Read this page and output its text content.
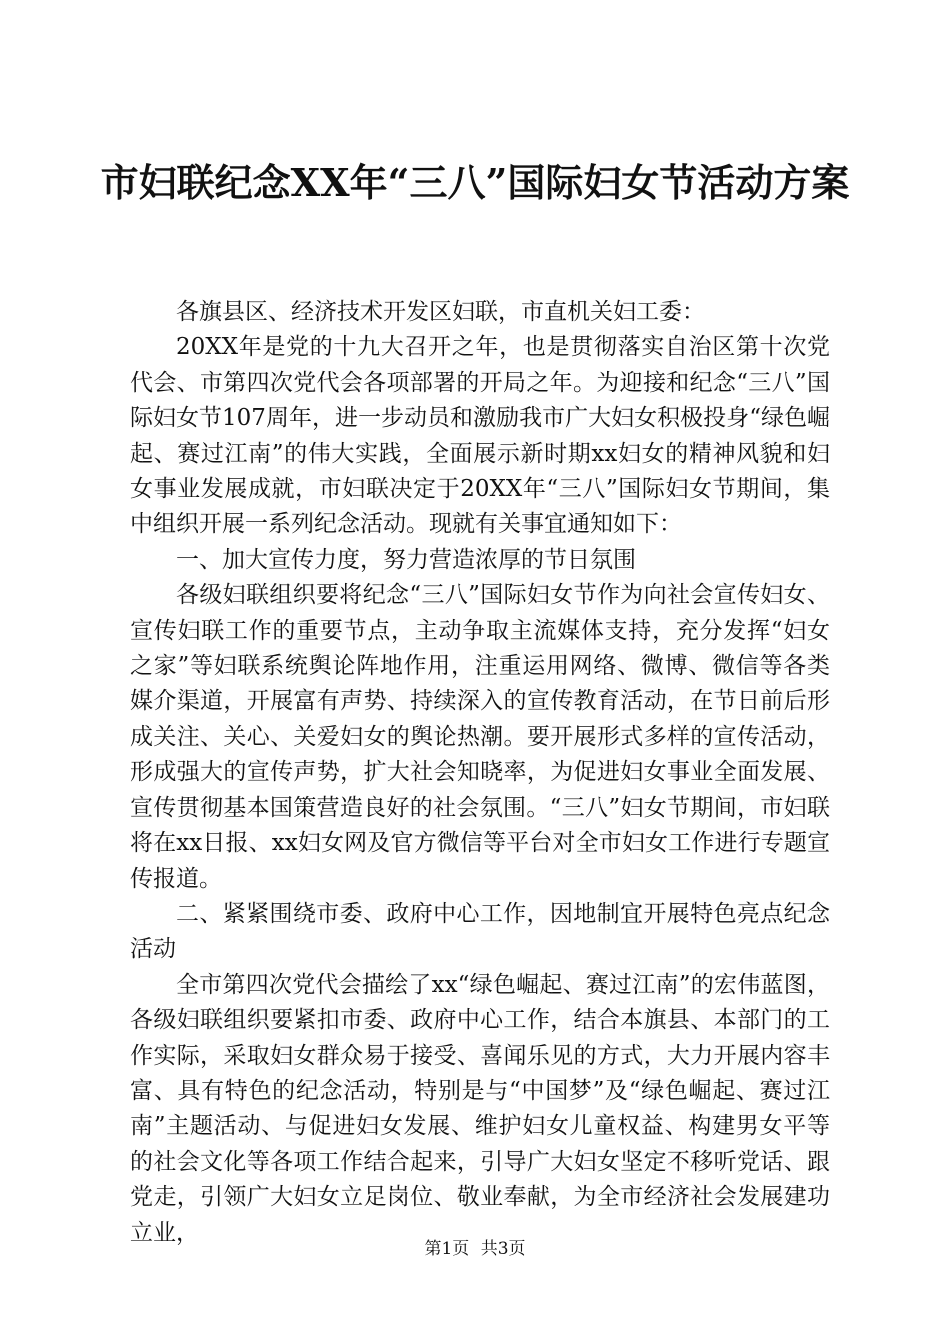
市妇联纪念XX年“三八”国际妇女节活动方案

各旗县区、经济技术开发区妇联，市直机关妇工委：

20XX年是党的十九大召开之年，也是贯彻落实自治区第十次党代会、市第四次党代会各项部署的开局之年。为迎接和纪念“三八”国际妇女节107周年，进一步动员和激励我市广大妇女积极投身“绿色崛起、赛过江南”的伟大实践，全面展示新时期xx妇女的精神风貌和妇女事业发展成就，市妇联决定于20XX年“三八”国际妇女节期间，集中组织开展一系列纪念活动。现就有关事宜通知如下：

一、加大宣传力度，努力营造浓厚的节日氛围

各级妇联组织要将纪念“三八”国际妇女节作为向社会宣传妇女、宣传妇联工作的重要节点，主动争取主流媒体支持，充分发挥“妇女之家”等妇联系统舆论阵地作用，注重运用网络、微博、微信等各类媒介渠道，开展富有声势、持续深入的宣传教育活动，在节日前后形成关注、关心、关爱妇女的舆论热潮。要开展形式多样的宣传活动，形成强大的宣传声势，扩大社会知晓率，为促进妇女事业全面发展、宣传贯彻基本国策营造良好的社会氛围。“三八”妇女节期间，市妇联将在xx日报、xx妇女网及官方微信等平台对全市妇女工作进行专题宣传报道。

二、紧紧围绕市委、政府中心工作，因地制宜开展特色亮点纪念活动

全市第四次党代会描绘了xx“绿色崛起、赛过江南”的宏伟蓝图，各级妇联组织要紧扣市委、政府中心工作，结合本旗县、本部门的工作实际，采取妇女群众易于接受、喜闻乐见的方式，大力开展内容丰富、具有特色的纪念活动，特别是与“中国梦”及“绿色崛起、赛过江南”主题活动、与促进妇女发展、维护妇女儿童权益、构建男女平等的社会文化等各项工作结合起来，引导广大妇女坚定不移听党话、跟党走，引领广大妇女立足岗位、敬业奉献，为全市经济社会发展建功立业，

第1页 共3页
